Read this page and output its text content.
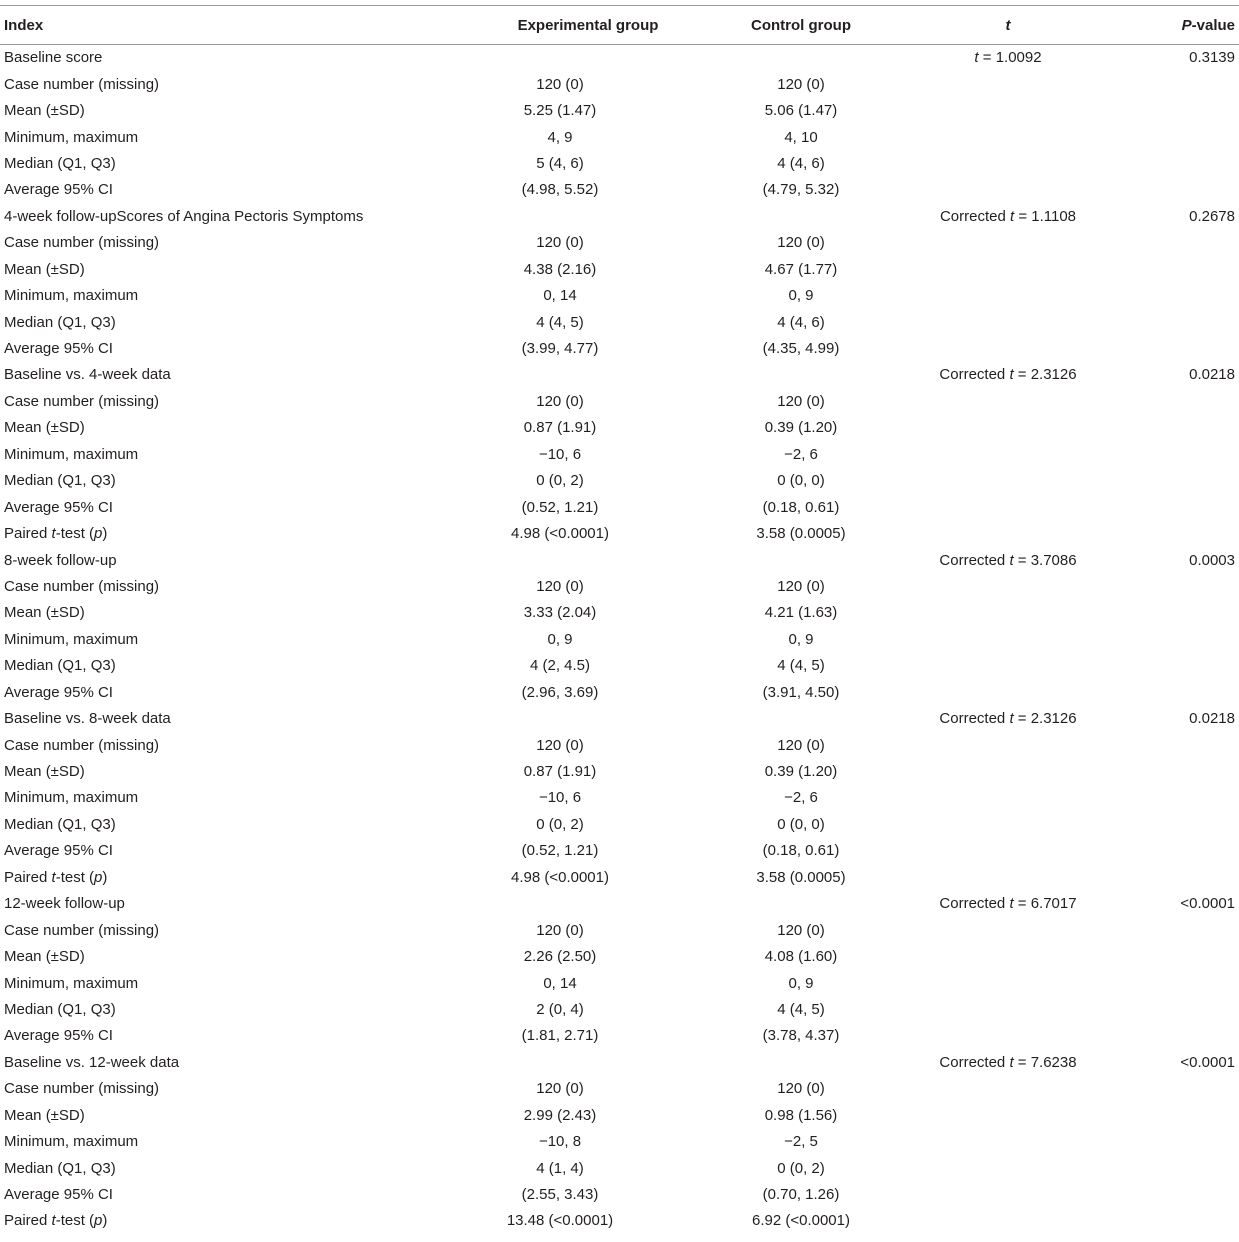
Index	Experimental group	Control group	t	P-value
Baseline score			t = 1.0092	0.3139
Case number (missing)	120 (0)	120 (0)		
Mean (±SD)	5.25 (1.47)	5.06 (1.47)		
Minimum, maximum	4, 9	4, 10		
Median (Q1, Q3)	5 (4, 6)	4 (4, 6)		
Average 95% CI	(4.98, 5.52)	(4.79, 5.32)		
4-week follow-upScores of Angina Pectoris Symptoms			Corrected t = 1.1108	0.2678
Case number (missing)	120 (0)	120 (0)		
Mean (±SD)	4.38 (2.16)	4.67 (1.77)		
Minimum, maximum	0, 14	0, 9		
Median (Q1, Q3)	4 (4, 5)	4 (4, 6)		
Average 95% CI	(3.99, 4.77)	(4.35, 4.99)		
Baseline vs. 4-week data			Corrected t = 2.3126	0.0218
Case number (missing)	120 (0)	120 (0)		
Mean (±SD)	0.87 (1.91)	0.39 (1.20)		
Minimum, maximum	−10, 6	−2, 6		
Median (Q1, Q3)	0 (0, 2)	0 (0, 0)		
Average 95% CI	(0.52, 1.21)	(0.18, 0.61)		
Paired t-test (p)	4.98 (<0.0001)	3.58 (0.0005)		
8-week follow-up			Corrected t = 3.7086	0.0003
Case number (missing)	120 (0)	120 (0)		
Mean (±SD)	3.33 (2.04)	4.21 (1.63)		
Minimum, maximum	0, 9	0, 9		
Median (Q1, Q3)	4 (2, 4.5)	4 (4, 5)		
Average 95% CI	(2.96, 3.69)	(3.91, 4.50)		
Baseline vs. 8-week data			Corrected t = 2.3126	0.0218
Case number (missing)	120 (0)	120 (0)		
Mean (±SD)	0.87 (1.91)	0.39 (1.20)		
Minimum, maximum	−10, 6	−2, 6		
Median (Q1, Q3)	0 (0, 2)	0 (0, 0)		
Average 95% CI	(0.52, 1.21)	(0.18, 0.61)		
Paired t-test (p)	4.98 (<0.0001)	3.58 (0.0005)		
12-week follow-up			Corrected t = 6.7017	<0.0001
Case number (missing)	120 (0)	120 (0)		
Mean (±SD)	2.26 (2.50)	4.08 (1.60)		
Minimum, maximum	0, 14	0, 9		
Median (Q1, Q3)	2 (0, 4)	4 (4, 5)		
Average 95% CI	(1.81, 2.71)	(3.78, 4.37)		
Baseline vs. 12-week data			Corrected t = 7.6238	<0.0001
Case number (missing)	120 (0)	120 (0)		
Mean (±SD)	2.99 (2.43)	0.98 (1.56)		
Minimum, maximum	−10, 8	−2, 5		
Median (Q1, Q3)	4 (1, 4)	0 (0, 2)		
Average 95% CI	(2.55, 3.43)	(0.70, 1.26)		
Paired t-test (p)	13.48 (<0.0001)	6.92 (<0.0001)		
